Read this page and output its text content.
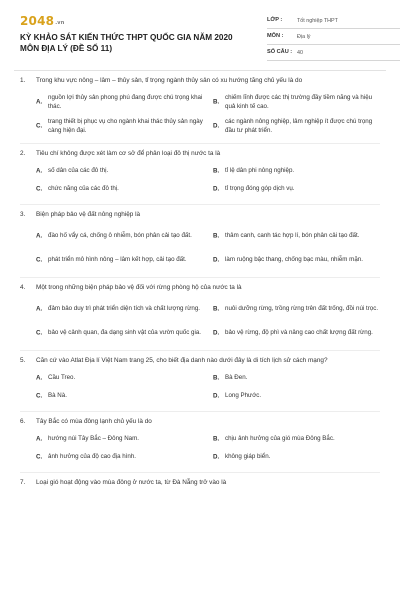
2048.vn
KỲ KHẢO SÁT KIẾN THỨC THPT QUỐC GIA NĂM 2020
MÔN ĐỊA LÝ (ĐỀ SỐ 11)
LỚP :	Tốt nghiệp THPT
MÔN :	Địa lý
SỐ CÂU : 40
1. Trong khu vực nông – lâm – thủy sản, tỉ trọng ngành thủy sản có xu hướng tăng chủ yếu là do
A.
nguồn lợi thủy sản phong phú đang được chú trọng khai thác.
B.
chiếm lĩnh được các thị trường đầy tiềm năng và hiệu quả kinh tế cao.
C.
trang thiết bị phục vụ cho ngành khai thác thủy sản ngày càng hiện đại.
D.
các ngành nông nghiệp, lâm nghiệp ít được chú trọng đầu tư phát triển.
2. Tiêu chí không được xét làm cơ sở để phân loại đô thị nước ta là
A. số dân của các đô thị.	B. tỉ lệ dân phi nông nghiệp.
C. chức năng của các đô thị.	D. tỉ trọng đóng góp dịch vụ.
3. Biện pháp bảo vệ đất nông nghiệp là
A. đào hố vẩy cá, chống ô nhiễm, bón phân cải tạo đất.	B. thâm canh, canh tác hợp lí, bón phân cải tạo đất.
C. phát triển mô hình nông – lâm kết hợp, cải tạo đất.	D. làm ruộng bậc thang, chống bạc màu, nhiễm mặn.
4. Một trong những biện pháp bảo vệ đối với rừng phòng hộ của nước ta là
A. đảm bảo duy trì phát triển diện tích và chất lượng rừng. B. nuôi dưỡng rừng, trồng rừng trên đất trống, đồi núi trọc.
C. bảo vệ cảnh quan, đa dạng sinh vật của vườn quốc gia. D. bảo vệ rừng, độ phì và nâng cao chất lượng đất rừng.
5. Căn cứ vào Atlat Địa lí Việt Nam trang 25, cho biết địa danh nào dưới đây là di tích lịch sử cách mạng?
A. Cầu Treo.	B. Bà Đen.
C. Bà Nà.	D. Long Phước.
6. Tây Bắc có mùa đông lạnh chủ yếu là do
A. hướng núi Tây Bắc – Đông Nam.	B. chịu ảnh hưởng của gió mùa Đông Bắc.
C. ảnh hưởng của độ cao địa hình.	D. không giáp biển.
7. Loại gió hoạt động vào mùa đông ở nước ta, từ Đà Nẵng trở vào là
